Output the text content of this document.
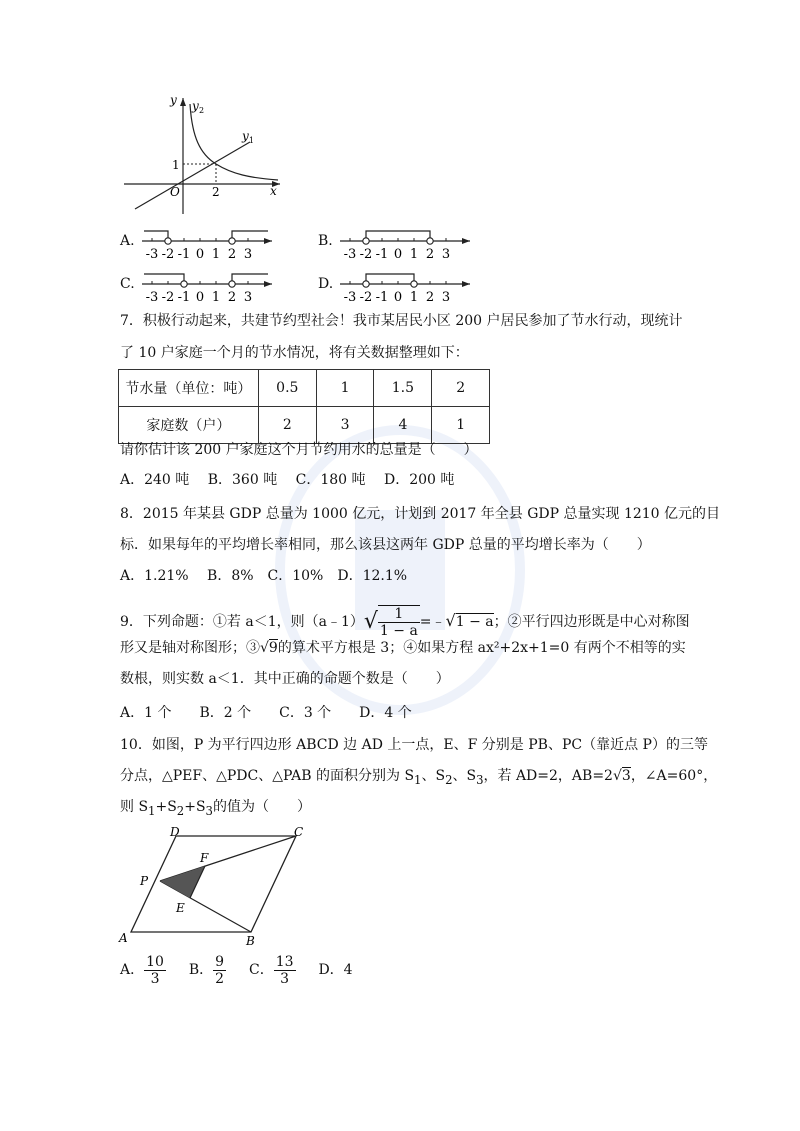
y y 2
y 1
x
O	2
1
A.
-3 -2 -1 0 1 2 3
B.
-3 -2 -1 0 1 2 3
C.
-3 -2 -1 0 1 2 3
D.
-3 -2 -1 0 1 2 3
7．积极行动起来，共建节约型社会！我市某居民小区 200 户居民参加了节水行动，现统计
了 10 户家庭一个月的节水情况，将有关数据整理如下：
节水量（单位：吨）	0.5	1	1.5	2
家庭数（户）	2	3	4	1
请你估计该 200 户家庭这个月节约用水的总量是（　　）
A．240 吨　 B．360 吨　 C．180 吨　 D．200 吨
8．2015 年某县 GDP 总量为 1000 亿元，计划到 2017 年全县 GDP 总量实现 1210 亿元的目
标．如果每年的平均增长率相同，那么该县这两年 GDP 总量的平均增长率为（　　）
A．1.21%　 B．8%　C．10%　D．12.1%
9．下列命题：①若 a＜1，则（a﹣1）√ $\frac{1}{1 - a}$ =﹣√1 − a；②平行四边形既是中心对称图
形又是轴对称图形；③√9的算术平方根是 3；④如果方程 ax²+2x+1=0 有两个不相等的实
数根，则实数 a＜1．其中正确的命题个数是（　　）
A．1 个　　B．2 个　　C．3 个　　D．4 个
10．如图，P 为平行四边形 ABCD 边 AD 上一点，E、F 分别是 PB、PC（靠近点 P）的三等
分点，△PEF、△PDC、△PAB 的面积分别为 $S_1$、$S_2$、$S_3$，若 AD=2，AB=2√3，∠A=60°，
则 $S_1+S_2+S_3$的值为（　　）
A	B
C
D
P
E
F
A． $\frac{10}{3}$ B． $\frac{9}{2}$ C． $\frac{13}{3}$ D．4
